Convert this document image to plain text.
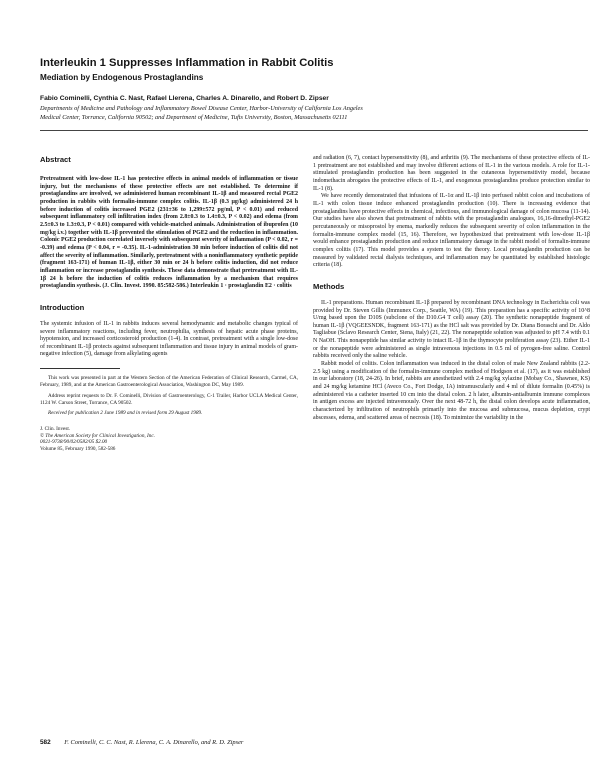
Interleukin 1 Suppresses Inflammation in Rabbit Colitis
Mediation by Endogenous Prostaglandins
Fabio Cominelli, Cynthia C. Nast, Rafael Llerena, Charles A. Dinarello, and Robert D. Zipser
Departments of Medicine and Pathology and Inflammatory Bowel Disease Center, Harbor-University of California Los Angeles
Medical Center, Torrance, California 90502; and Department of Medicine, Tufts University, Boston, Massachusetts 02111
Abstract

Pretreatment with low-dose IL-1 has protective effects in animal models of inflammation or tissue injury, but the mechanisms of these protective effects are not established. To determine if prostaglandins are involved, we administered human recombinant IL-1β and measured rectal PGE2 production in rabbits with formalin-immune complex colitis. IL-1β (0.3 μg/kg) administered 24 h before induction of colitis increased PGE2 (231±36 to 1,299±572 pg/ml, P < 0.01) and reduced subsequent inflammatory cell infiltration index (from 2.8±0.3 to 1.4±0.3, P < 0.02) and edema (from 2.5±0.3 to 1.3±0.3, P < 0.01) compared with vehicle-matched animals. Administration of ibuprofen (10 mg/kg i.v.) together with IL-1β prevented the stimulation of PGE2 and the reduction in inflammation. Colonic PGE2 production correlated inversely with subsequent severity of inflammation (P < 0.02, r = -0.39) and edema (P < 0.04, r = -0.35). IL-1-administration 30 min before induction of colitis did not affect the severity of inflammation. Similarly, pretreatment with a noninflammatory synthetic peptide (fragment 163-171) of human IL-1β, either 30 min or 24 h before colitis induction, did not reduce inflammation or increase prostaglandin synthesis. These data demonstrate that pretreatment with IL-1β 24 h before the induction of colitis reduces inflammation by a mechanism that requires prostaglandin synthesis. (J. Clin. Invest. 1990. 85:582-586.) Interleukin 1 · prostaglandin E2 · colitis

Introduction

The systemic infusion of IL-1 in rabbits induces several hemodynamic and metabolic changes typical of severe inflammatory reactions, including fever, neutrophilia, synthesis of hepatic acute phase proteins, hypotension, and increased corticosteroid production (1-4). In contrast, pretreatment with a single low-dose of recombinant IL-1β protects against subsequent inflammation and tissue injury in animal models of gram-negative infection (5), damage from alkylating agents

This work was presented in part at the Western Section of the American Federation of Clinical Research, Carmel, CA, February, 1989, and at the American Gastroenterological Association, Washington DC, May 1989.

Address reprint requests to Dr. F. Cominelli, Division of Gastroenterology, C-1 Trailer, Harbor UCLA Medical Center, 1124 W. Carson Street, Torrance, CA 90502.

Received for publication 2 June 1989 and in revised form 29 August 1989.

J. Clin. Invest.
© The American Society for Clinical Investigation, Inc.
0021-9738/90/02/0582/05 $2.00
Volume 85, February 1990, 582-586

and radiation (6, 7), contact hypersensitivity (8), and arthritis (9). The mechanisms of these protective effects of IL-1 pretreatment are not established and may involve different actions of IL-1 in the various models. A role for IL-1-stimulated prostaglandin production has been suggested in the cutaneous hypersensitivity model, because indomethacin abrogates the protective effects of IL-1, and exogenous prostaglandins produce protection similar to IL-1 (8).

We have recently demonstrated that infusions of IL-1α and IL-1β into perfused rabbit colon and incubations of IL-1 with colon tissue induce enhanced prostaglandin production (10). There is increasing evidence that prostaglandins have protective effects in chemical, infectious, and immunological damage of colon mucosa (11-14). Our studies have also shown that pretreatment of rabbits with the prostaglandin analogues, 16,16-dimethyl-PGE2 percutaneously or misoprostol by enema, markedly reduces the subsequent severity of colon inflammation in the formalin-immune complex model (15, 16). Therefore, we hypothesized that pretreatment with low-dose IL-1β would enhance prostaglandin production and reduce inflammatory damage in the rabbit model of formalin-immune complex colitis (17). This model provides a system to test the theory. Local prostaglandin production can be measured by validated rectal dialysis techniques, and inflammation may be quantitated by established histologic criteria (18).

Methods

IL-1 preparations. Human recombinant IL-1β prepared by recombinant DNA technology in Escherichia coli was provided by Dr. Steven Gillis (Immunex Corp., Seattle, WA) (19). This preparation has a specific activity of 10^8 U/mg based upon the D10S (subclone of the D10.G4 T cell) assay (20). The synthetic nonapeptide fragment of human IL-1β (VQGEESNDK, fragment 163-171) as the HCl salt was provided by Dr. Diana Boraschi and Dr. Aldo Tagliabue (Sclavo Research Center, Siena, Italy) (21, 22). The nonapeptide solution was adjusted to pH 7.4 with 0.1 N NaOH. This nonapeptide has similar activity to intact IL-1β in the thymocyte proliferation assay (23). Either IL-1 or the nonapeptide were administered as single intravenous injections in 0.5 ml of pyrogen-free saline. Control rabbits received only the saline vehicle.

Rabbit model of colitis. Colon inflammation was induced in the distal colon of male New Zealand rabbits (2.2-2.5 kg) using a modification of the formalin-immune complex method of Hodgson et al. (17), as it was established in our laboratory (18, 24-26). In brief, rabbits are anesthetized with 2.4 mg/kg xylazine (Mobay Co., Shawnee, KS) and 24 mg/kg ketamine HCl (Aveco Co., Fort Dodge, IA) intramuscularly and 4 ml of dilute formalin (0.45%) is administered via a catheter inserted 10 cm into the distal colon. 2 h later, albumin-antialbumin immune complexes in antigen excess are injected intravenously. Over the next 48-72 h, the distal colon develops acute inflammation, characterized by infiltration of neutrophils primarily into the mucosa and submucosa, mucus depletion, crypt abscesses, edema, and scattered areas of necrosis (18). To minimize the variability in the

582 F. Cominelli, C. C. Nast, R. Llerena, C. A. Dinarello, and R. D. Zipser
